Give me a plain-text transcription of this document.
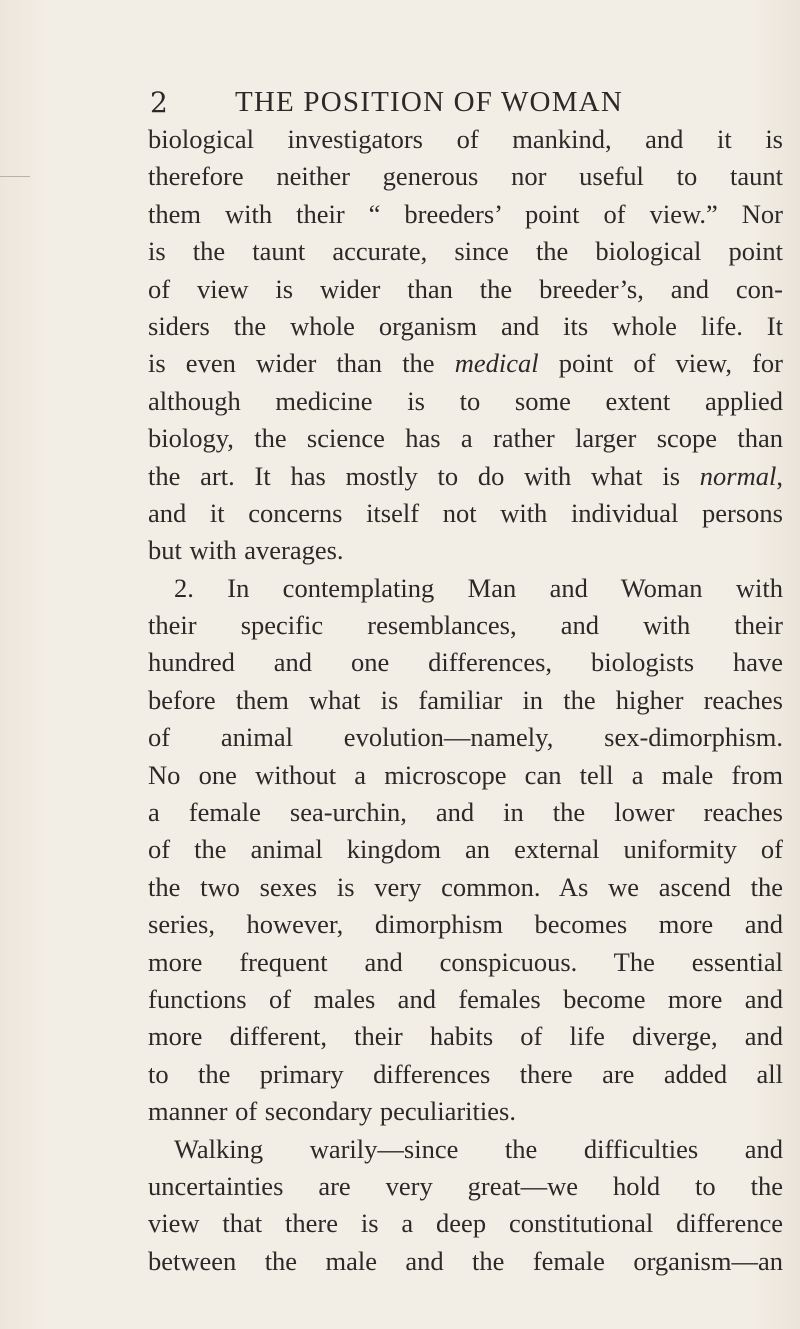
2 THE POSITION OF WOMAN
biological investigators of mankind, and it is
therefore neither generous nor useful to taunt
them with their “ breeders’ point of view.” Nor
is the taunt accurate, since the biological point
of view is wider than the breeder’s, and con-
siders the whole organism and its whole life. It
is even wider than the medical point of view, for
although medicine is to some extent applied
biology, the science has a rather larger scope than
the art. It has mostly to do with what is normal,
and it concerns itself not with individual persons
but with averages.
2. In contemplating Man and Woman with
their specific resemblances, and with their
hundred and one differences, biologists have
before them what is familiar in the higher reaches
of animal evolution—namely, sex-dimorphism.
No one without a microscope can tell a male from
a female sea-urchin, and in the lower reaches
of the animal kingdom an external uniformity of
the two sexes is very common. As we ascend the
series, however, dimorphism becomes more and
more frequent and conspicuous. The essential
functions of males and females become more and
more different, their habits of life diverge, and
to the primary differences there are added all
manner of secondary peculiarities.
Walking warily—since the difficulties and
uncertainties are very great—we hold to the
view that there is a deep constitutional difference
between the male and the female organism—an
